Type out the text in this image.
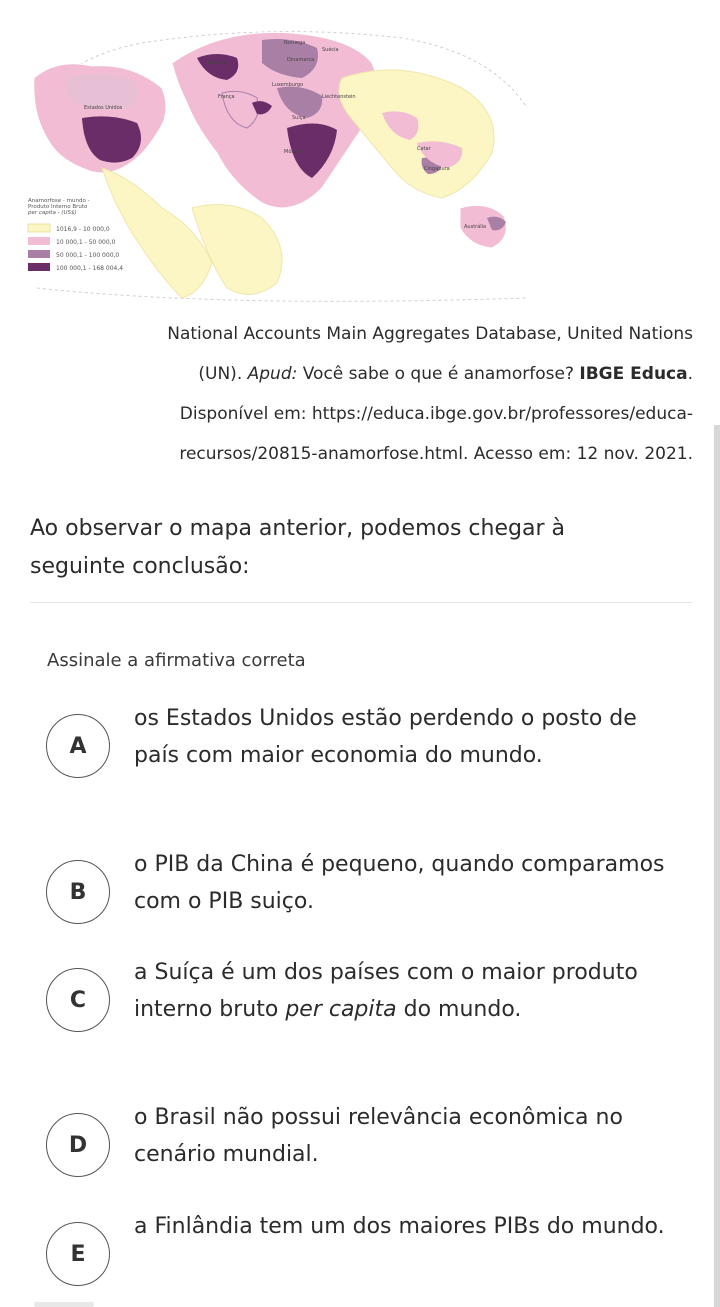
Anamorfose - mundo -
Produto Interno Bruto
per capita - (US$)
1016,9 - 10 000,0
10 000,1 - 50 000,0
50 000,1 - 100 000,0
100 000,1 - 168 004,4
Noruega
Suécia
Irlanda	Dinamarca
França
Luxemburgo
Liechtenstein
Suíça
Estados Unidos
Mônaco	Catar
Cingapura
Austrália
National Accounts Main Aggregates Database, United Nations
(UN). Apud: Você sabe o que é anamorfose? IBGE Educa.
Disponível em: https://educa.ibge.gov.br/professores/educa-
recursos/20815-anamorfose.html. Acesso em: 12 nov. 2021.
Ao observar o mapa anterior, podemos chegar à
seguinte conclusão:
Assinale a afirmativa correta
A
os Estados Unidos estão perdendo o posto de país com maior economia do mundo.
B
o PIB da China é pequeno, quando comparamos com o PIB suiço.
C
a Suíça é um dos países com o maior produto interno bruto per capita do mundo.
D
o Brasil não possui relevância econômica no cenário mundial.
E
a Finlândia tem um dos maiores PIBs do mundo.
